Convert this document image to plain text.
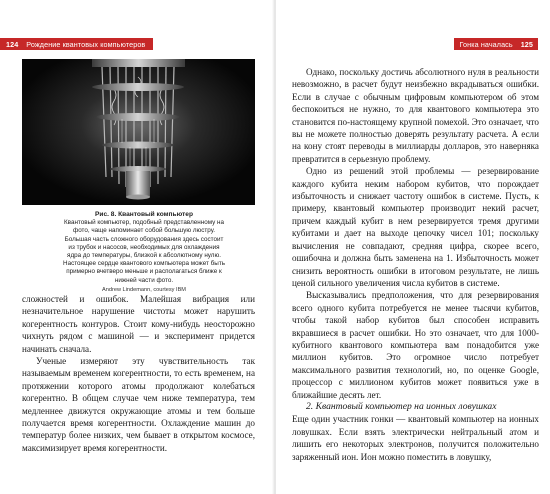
124 Рождение квантовых компьютеров
Рис. 8. Квантовый компьютер
Квантовый компьютер, подобный представленному на фото, чаще напоминает собой большую люстру. Большая часть сложного оборудования здесь состоит из трубок и насосов, необходимых для охлаждения ядра до температуры, близкой к абсолютному нулю. Настоящее сердце квантового компьютера может быть примерно вчетверо меньше и располагаться ближе к нижней части фото.
Andrew Lindemann, courtesy IBM

сложностей и ошибок. Малейшая вибрация или незначительное нарушение чистоты может нарушить когерентность контуров. Стоит кому-нибудь неосторожно чихнуть рядом с машиной — и эксперимент придется начинать сначала.

Ученые измеряют эту чувствительность так называемым временем когерентности, то есть временем, на протяжении которого атомы продолжают колебаться когерентно. В общем случае чем ниже температура, тем медленнее движутся окружающие атомы и тем больше получается время когерентности. Охлаждение машин до температур более низких, чем бывает в открытом космосе, максимизирует время когерентности.

Гонка началась 125

Однако, поскольку достичь абсолютного нуля в реальности невозможно, в расчет будут неизбежно вкрадываться ошибки. Если в случае с обычным цифровым компьютером об этом беспокоиться не нужно, то для квантового компьютера это становится по-настоящему крупной помехой. Это означает, что вы не можете полностью доверять результату расчета. А если на кону стоят переводы в миллиарды долларов, это наверняка превратится в серьезную проблему.

Одно из решений этой проблемы — резервирование каждого кубита неким набором кубитов, что порождает избыточность и снижает частоту ошибок в системе. Пусть, к примеру, квантовый компьютер производит некий расчет, причем каждый кубит в нем резервируется тремя другими кубитами и дает на выходе цепочку чисел 101; поскольку вычисления не совпадают, средняя цифра, скорее всего, ошибочна и должна быть заменена на 1. Избыточность может снизить вероятность ошибки в итоговом результате, не лишь ценой сильного увеличения числа кубитов в системе.

Высказывались предположения, что для резервирования всего одного кубита потребуется не менее тысячи кубитов, чтобы такой набор кубитов был способен исправить вкравшиеся в расчет ошибки. Но это означает, что для 1000-кубитного квантового компьютера вам понадобится уже миллион кубитов. Это огромное число потребует максимального развития технологий, но, по оценке Google, процессор с миллионом кубитов может появиться уже в ближайшие десять лет.

2. Квантовый компьютер на ионных ловушках

Еще один участник гонки — квантовый компьютер на ионных ловушках. Если взять электрически нейтральный атом и лишить его некоторых электронов, получится положительно заряженный ион. Ион можно поместить в ловушку,
